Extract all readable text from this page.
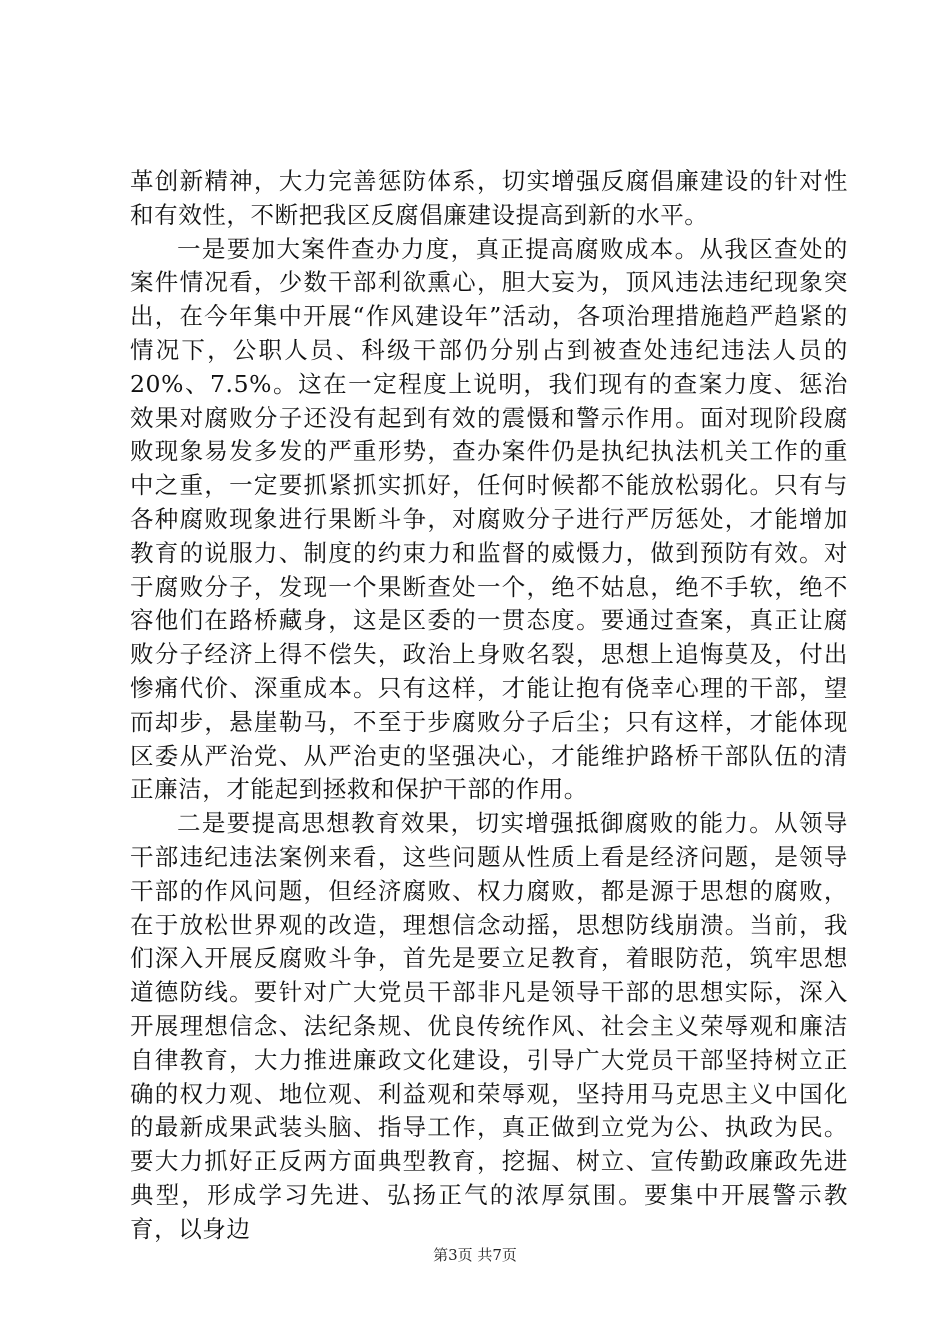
革创新精神，大力完善惩防体系，切实增强反腐倡廉建设的针对性和有效性，不断把我区反腐倡廉建设提高到新的水平。

一是要加大案件查办力度，真正提高腐败成本。从我区查处的案件情况看，少数干部利欲熏心，胆大妄为，顶风违法违纪现象突出，在今年集中开展“作风建设年”活动，各项治理措施趋严趋紧的情况下，公职人员、科级干部仍分别占到被查处违纪违法人员的20%、7.5%。这在一定程度上说明，我们现有的查案力度、惩治效果对腐败分子还没有起到有效的震慑和警示作用。面对现阶段腐败现象易发多发的严重形势，查办案件仍是执纪执法机关工作的重中之重，一定要抓紧抓实抓好，任何时候都不能放松弱化。只有与各种腐败现象进行果断斗争，对腐败分子进行严厉惩处，才能增加教育的说服力、制度的约束力和监督的威慑力，做到预防有效。对于腐败分子，发现一个果断查处一个，绝不姑息，绝不手软，绝不容他们在路桥藏身，这是区委的一贯态度。要通过查案，真正让腐败分子经济上得不偿失，政治上身败名裂，思想上追悔莫及，付出惨痛代价、深重成本。只有这样，才能让抱有侥幸心理的干部，望而却步，悬崖勒马，不至于步腐败分子后尘；只有这样，才能体现区委从严治党、从严治吏的坚强决心，才能维护路桥干部队伍的清正廉洁，才能起到拯救和保护干部的作用。

二是要提高思想教育效果，切实增强抵御腐败的能力。从领导干部违纪违法案例来看，这些问题从性质上看是经济问题，是领导干部的作风问题，但经济腐败、权力腐败，都是源于思想的腐败，在于放松世界观的改造，理想信念动摇，思想防线崩溃。当前，我们深入开展反腐败斗争，首先是要立足教育，着眼防范，筑牢思想道德防线。要针对广大党员干部非凡是领导干部的思想实际，深入开展理想信念、法纪条规、优良传统作风、社会主义荣辱观和廉洁自律教育，大力推进廉政文化建设，引导广大党员干部坚持树立正确的权力观、地位观、利益观和荣辱观，坚持用马克思主义中国化的最新成果武装头脑、指导工作，真正做到立党为公、执政为民。要大力抓好正反两方面典型教育，挖掘、树立、宣传勤政廉政先进典型，形成学习先进、弘扬正气的浓厚氛围。要集中开展警示教育，以身边

第3页 共7页
